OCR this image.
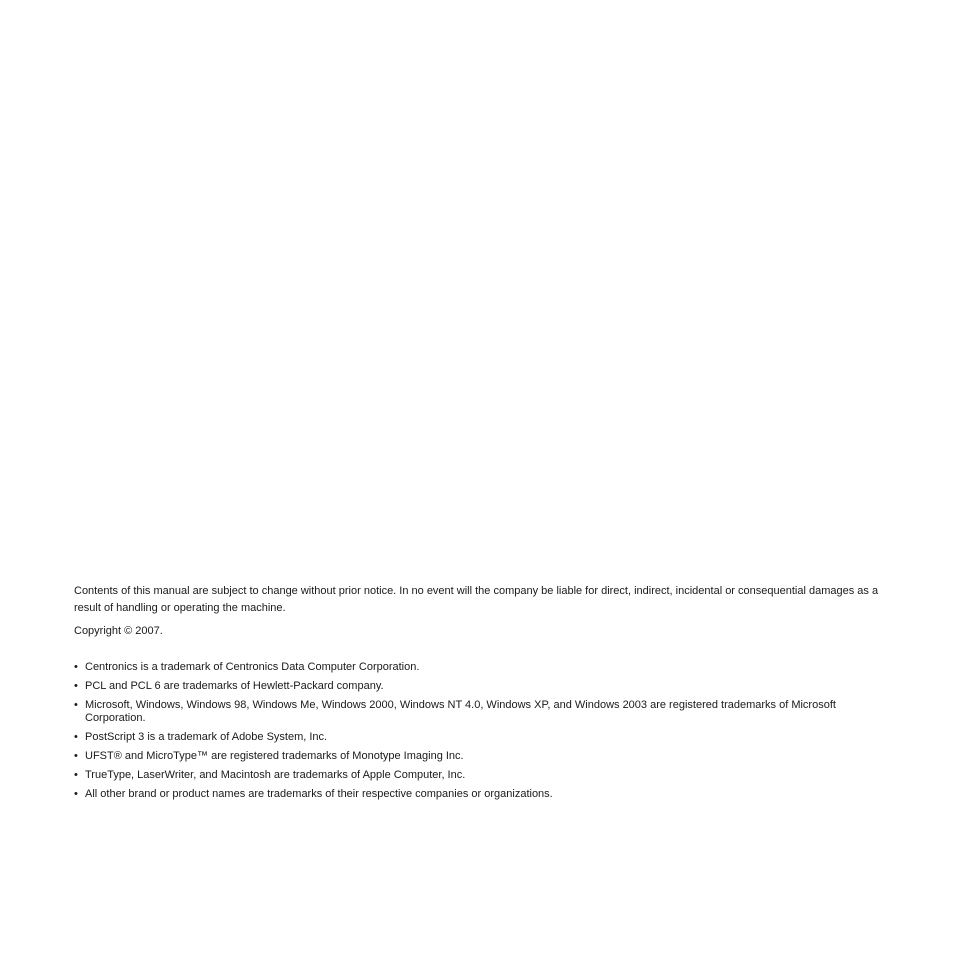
Contents of this manual are subject to change without prior notice. In no event will the company be liable for direct, indirect, incidental or consequential damages as a result of handling or operating the machine.

Copyright © 2007.

• Centronics is a trademark of Centronics Data Computer Corporation.
• PCL and PCL 6 are trademarks of Hewlett-Packard company.
• Microsoft, Windows, Windows 98, Windows Me, Windows 2000, Windows NT 4.0, Windows XP, and Windows 2003 are registered trademarks of Microsoft Corporation.
• PostScript 3 is a trademark of Adobe System, Inc.
• UFST® and MicroType™ are registered trademarks of Monotype Imaging Inc.
• TrueType, LaserWriter, and Macintosh are trademarks of Apple Computer, Inc.
• All other brand or product names are trademarks of their respective companies or organizations.
